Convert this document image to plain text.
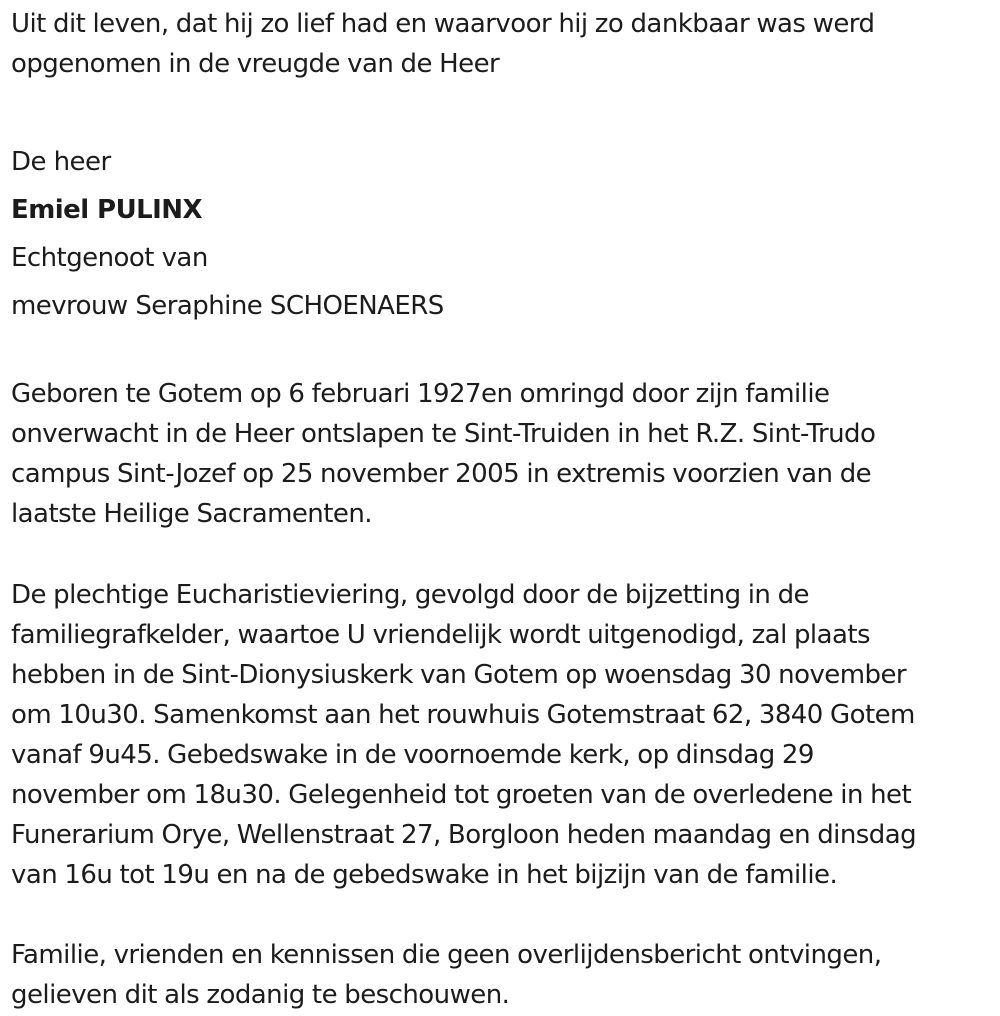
Uit dit leven, dat hij zo lief had en waarvoor hij zo dankbaar was werd
opgenomen in de vreugde van de Heer

De heer

Emiel PULINX

Echtgenoot van

mevrouw Seraphine SCHOENAERS

Geboren te Gotem op 6 februari 1927en omringd door zijn familie
onverwacht in de Heer ontslapen te Sint-Truiden in het R.Z. Sint-Trudo
campus Sint-Jozef op 25 november 2005 in extremis voorzien van de
laatste Heilige Sacramenten.

De plechtige Eucharistieviering, gevolgd door de bijzetting in de
familiegrafkelder, waartoe U vriendelijk wordt uitgenodigd, zal plaats
hebben in de Sint-Dionysiuskerk van Gotem op woensdag 30 november
om 10u30. Samenkomst aan het rouwhuis Gotemstraat 62, 3840 Gotem
vanaf 9u45. Gebedswake in de voornoemde kerk, op dinsdag 29
november om 18u30. Gelegenheid tot groeten van de overledene in het
Funerarium Orye, Wellenstraat 27, Borgloon heden maandag en dinsdag
van 16u tot 19u en na de gebedswake in het bijzijn van de familie.

Familie, vrienden en kennissen die geen overlijdensbericht ontvingen,
gelieven dit als zodanig te beschouwen.
